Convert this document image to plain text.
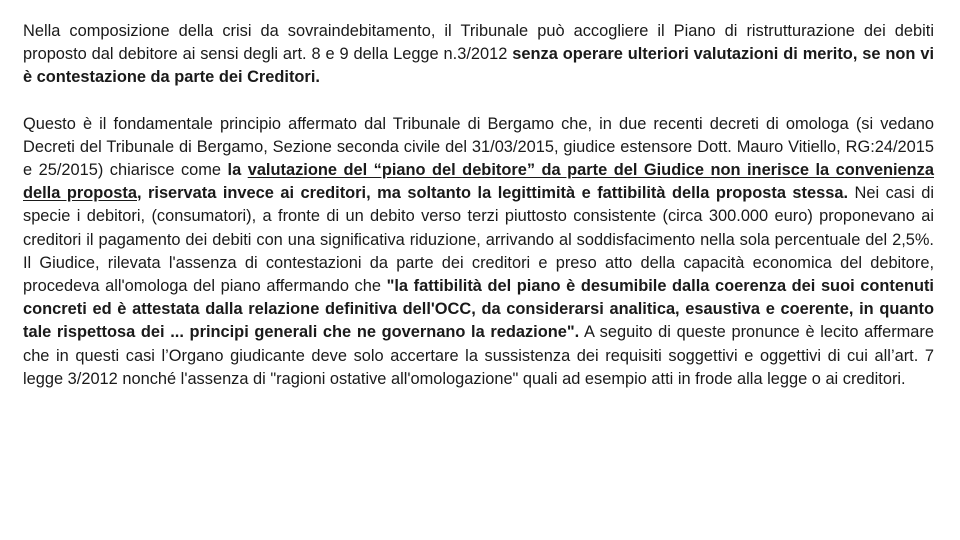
Nella composizione della crisi da sovraindebitamento, il Tribunale può accogliere il Piano di ristrutturazione dei debiti proposto dal debitore ai sensi degli art. 8 e 9 della Legge n.3/2012 senza operare ulteriori valutazioni di merito, se non vi è contestazione da parte dei Creditori.

Questo è il fondamentale principio affermato dal Tribunale di Bergamo che, in due recenti decreti di omologa (si vedano Decreti del Tribunale di Bergamo, Sezione seconda civile del 31/03/2015, giudice estensore Dott. Mauro Vitiello, RG:24/2015 e 25/2015) chiarisce come la valutazione del “piano del debitore” da parte del Giudice non inerisce la convenienza della proposta, riservata invece ai creditori, ma soltanto la legittimità e fattibilità della proposta stessa. Nei casi di specie i debitori, (consumatori), a fronte di un debito verso terzi piuttosto consistente (circa 300.000 euro) proponevano ai creditori il pagamento dei debiti con una significativa riduzione, arrivando al soddisfacimento nella sola percentuale del 2,5%. Il Giudice, rilevata l'assenza di contestazioni da parte dei creditori e preso atto della capacità economica del debitore, procedeva all'omologa del piano affermando che "la fattibilità del piano è desumibile dalla coerenza dei suoi contenuti concreti ed è attestata dalla relazione definitiva dell'OCC, da considerarsi analitica, esaustiva e coerente, in quanto tale rispettosa dei ... principi generali che ne governano la redazione". A seguito di queste pronunce è lecito affermare che in questi casi l’Organo giudicante deve solo accertare la sussistenza dei requisiti soggettivi e oggettivi di cui all’art. 7 legge 3/2012 nonché l'assenza di "ragioni ostative all'omologazione" quali ad esempio atti in frode alla legge o ai creditori.
